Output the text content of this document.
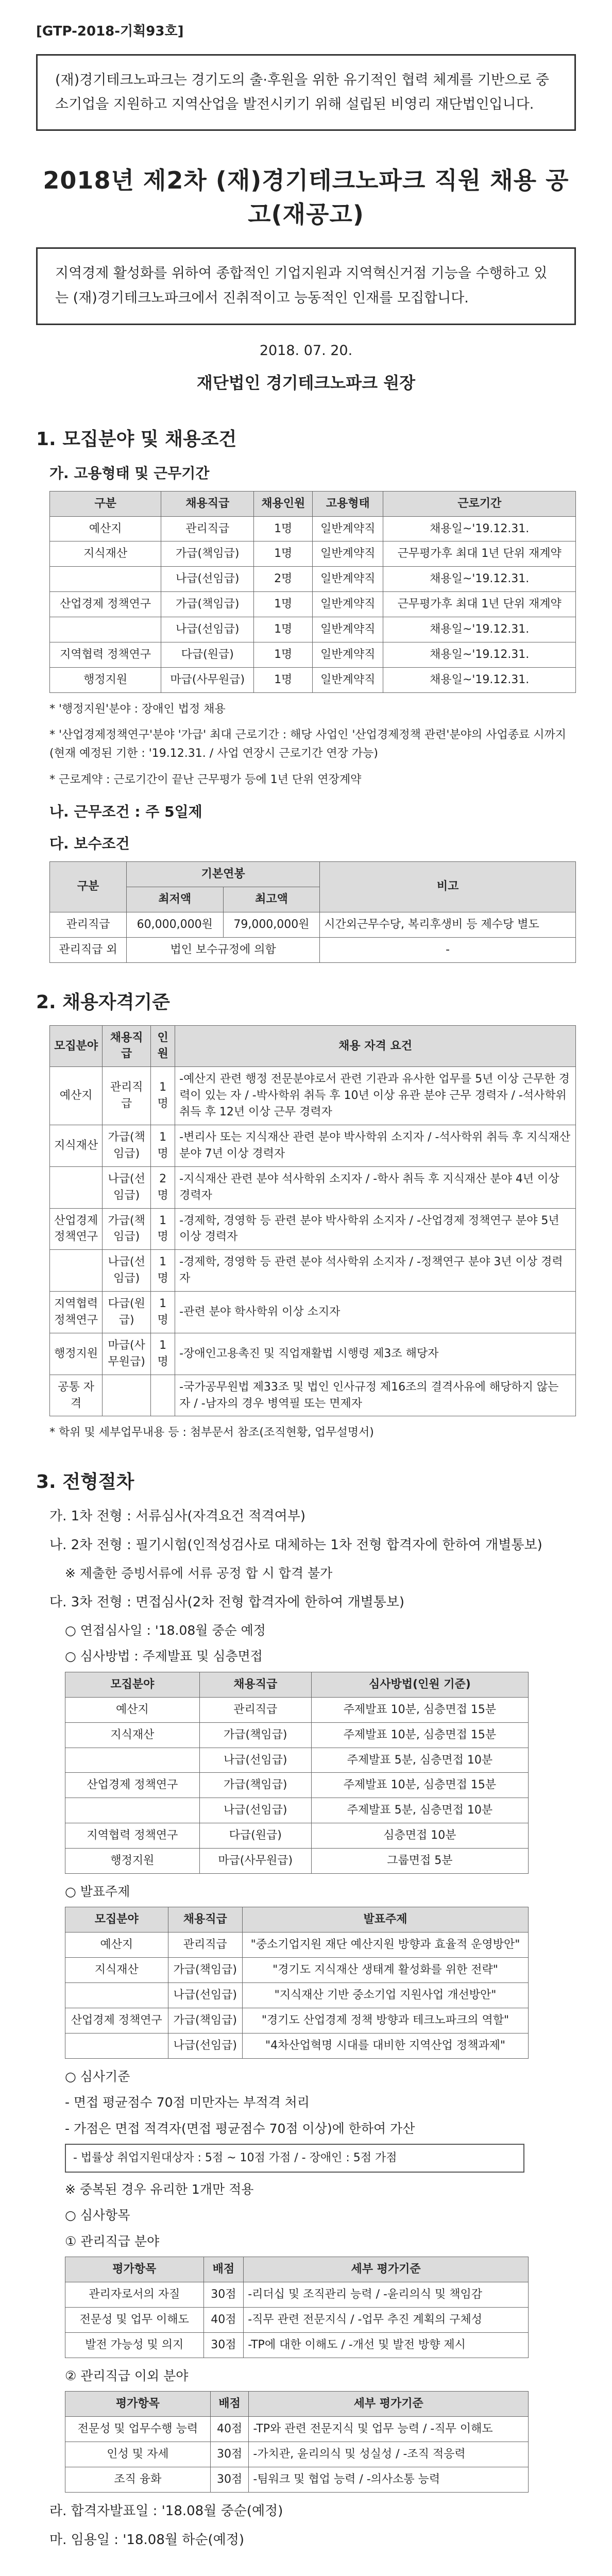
[GTP-2018-기획93호]
(재)경기테크노파크는 경기도의 출·후원을 위한 유기적인 협력 체계를 기반으로 중소기업을 지원하고 지역산업을 발전시키기 위해 설립된 비영리 재단법인입니다.
2018년 제2차 (재)경기테크노파크 직원 채용 공고(재공고)
지역경제 활성화를 위하여 종합적인 기업지원과 지역혁신거점 기능을 수행하고 있는 (재)경기테크노파크에서 진취적이고 능동적인 인재를 모집합니다.
2018. 07. 20.
재단법인 경기테크노파크 원장
1. 모집분야 및 채용조건
가. 고용형태 및 근무기간
구분	채용직급	채용인원	고용형태	근로기간
예산지	관리직급	1명	일반계약직	채용일~'19.12.31.
지식재산	가급(책임급)	1명	일반계약직	근무평가후 최대 1년 단위 재계약
	나급(선임급)	2명	일반계약직	채용일~'19.12.31.
산업경제 정책연구	가급(책임급)	1명	일반계약직	근무평가후 최대 1년 단위 재계약
	나급(선임급)	1명	일반계약직	채용일~'19.12.31.
지역협력 정책연구	다급(원급)	1명	일반계약직	채용일~'19.12.31.
행정지원	마급(사무원급)	1명	일반계약직	채용일~'19.12.31.
* '행정지원'분야 : 장애인 법정 채용
* '산업경제정책연구'분야 '가급' 최대 근로기간 : 해당 사업인 '산업경제정책 관련'분야의 사업종료 시까지 (현재 예정된 기한 : '19.12.31. / 사업 연장시 근로기간 연장 가능)
* 근로계약 : 근로기간이 끝난 근무평가 등에 1년 단위 연장계약
나. 근무조건 : 주 5일제
다. 보수조건
구분	기본연봉		비고
	최저액	최고액	
관리직급	60,000,000원	79,000,000원	시간외근무수당, 복리후생비 등 제수당 별도
관리직급 외	법인 보수규정에 의함		-
2. 채용자격기준
모집분야	채용직급	인원	채용 자격 요건
예산지	관리직급	1명	-예산지 관련 행정 전문분야로서 관련 기관과 유사한 업무를 5년 이상 근무한 경력이 있는 자 / -박사학위 취득 후 10년 이상 유관 분야 근무 경력자 / -석사학위 취득 후 12년 이상 근무 경력자
지식재산	가급(책임급)	1명	-변리사 또는 지식재산 관련 분야 박사학위 소지자 / -석사학위 취득 후 지식재산 분야 7년 이상 경력자
	나급(선임급)	2명	-지식재산 관련 분야 석사학위 소지자 / -학사 취득 후 지식재산 분야 4년 이상 경력자
산업경제 정책연구	가급(책임급)	1명	-경제학, 경영학 등 관련 분야 박사학위 소지자 / -산업경제 정책연구 분야 5년 이상 경력자
	나급(선임급)	1명	-경제학, 경영학 등 관련 분야 석사학위 소지자 / -정책연구 분야 3년 이상 경력자
지역협력 정책연구	다급(원급)	1명	-관련 분야 학사학위 이상 소지자
행정지원	마급(사무원급)	1명	-장애인고용촉진 및 직업재활법 시행령 제3조 해당자
공통 자격			-국가공무원법 제33조 및 법인 인사규정 제16조의 결격사유에 해당하지 않는 자 / -남자의 경우 병역필 또는 면제자
* 학위 및 세부업무내용 등 : 첨부문서 참조(조직현황, 업무설명서)
3. 전형절차
가. 1차 전형 : 서류심사(자격요건 적격여부)
나. 2차 전형 : 필기시험(인적성검사로 대체하는 1차 전형 합격자에 한하여 개별통보)
※ 제출한 증빙서류에 서류 공정 합 시 합격 불가
다. 3차 전형 : 면접심사(2차 전형 합격자에 한하여 개별통보)
○ 연접심사일 : '18.08월 중순 예정
○ 심사방법 : 주제발표 및 심층면접
모집분야	채용직급	심사방법(인원 기준)
예산지	관리직급	주제발표 10분, 심층면접 15분
지식재산	가급(책임급)	주제발표 10분, 심층면접 15분
	나급(선임급)	주제발표 5분, 심층면접 10분
산업경제 정책연구	가급(책임급)	주제발표 10분, 심층면접 15분
	나급(선임급)	주제발표 5분, 심층면접 10분
지역협력 정책연구	다급(원급)	심층면접 10분
행정지원	마급(사무원급)	그룹면접 5분
○ 발표주제
모집분야	채용직급	발표주제
예산지	관리직급	"중소기업지원 재단 예산지원 방향과 효율적 운영방안"
지식재산	가급(책임급)	"경기도 지식재산 생태계 활성화를 위한 전략"
	나급(선임급)	"지식재산 기반 중소기업 지원사업 개선방안"
산업경제 정책연구	가급(책임급)	"경기도 산업경제 정책 방향과 테크노파크의 역할"
	나급(선임급)	"4차산업혁명 시대를 대비한 지역산업 정책과제"
○ 심사기준
- 면접 평균점수 70점 미만자는 부적격 처리
- 가점은 면접 적격자(면접 평균점수 70점 이상)에 한하여 가산
- 법률상 취업지원대상자 : 5점 ~ 10점 가점 / - 장애인 : 5점 가점
※ 중복된 경우 유리한 1개만 적용
○ 심사항목
① 관리직급 분야
평가항목	배점	세부 평가기준
관리자로서의 자질	30점	-리더십 및 조직관리 능력 / -윤리의식 및 책임감
전문성 및 업무 이해도	40점	-직무 관련 전문지식 / -업무 추진 계획의 구체성
발전 가능성 및 의지	30점	-TP에 대한 이해도 / -개선 및 발전 방향 제시
② 관리직급 이외 분야
평가항목	배점	세부 평가기준
전문성 및 업무수행 능력	40점	-TP와 관련 전문지식 및 업무 능력 / -직무 이해도
인성 및 자세	30점	-가치관, 윤리의식 및 성실성 / -조직 적응력
조직 융화	30점	-팀워크 및 협업 능력 / -의사소통 능력
라. 합격자발표일 : '18.08월 중순(예정)
마. 임용일 : '18.08월 하순(예정)
